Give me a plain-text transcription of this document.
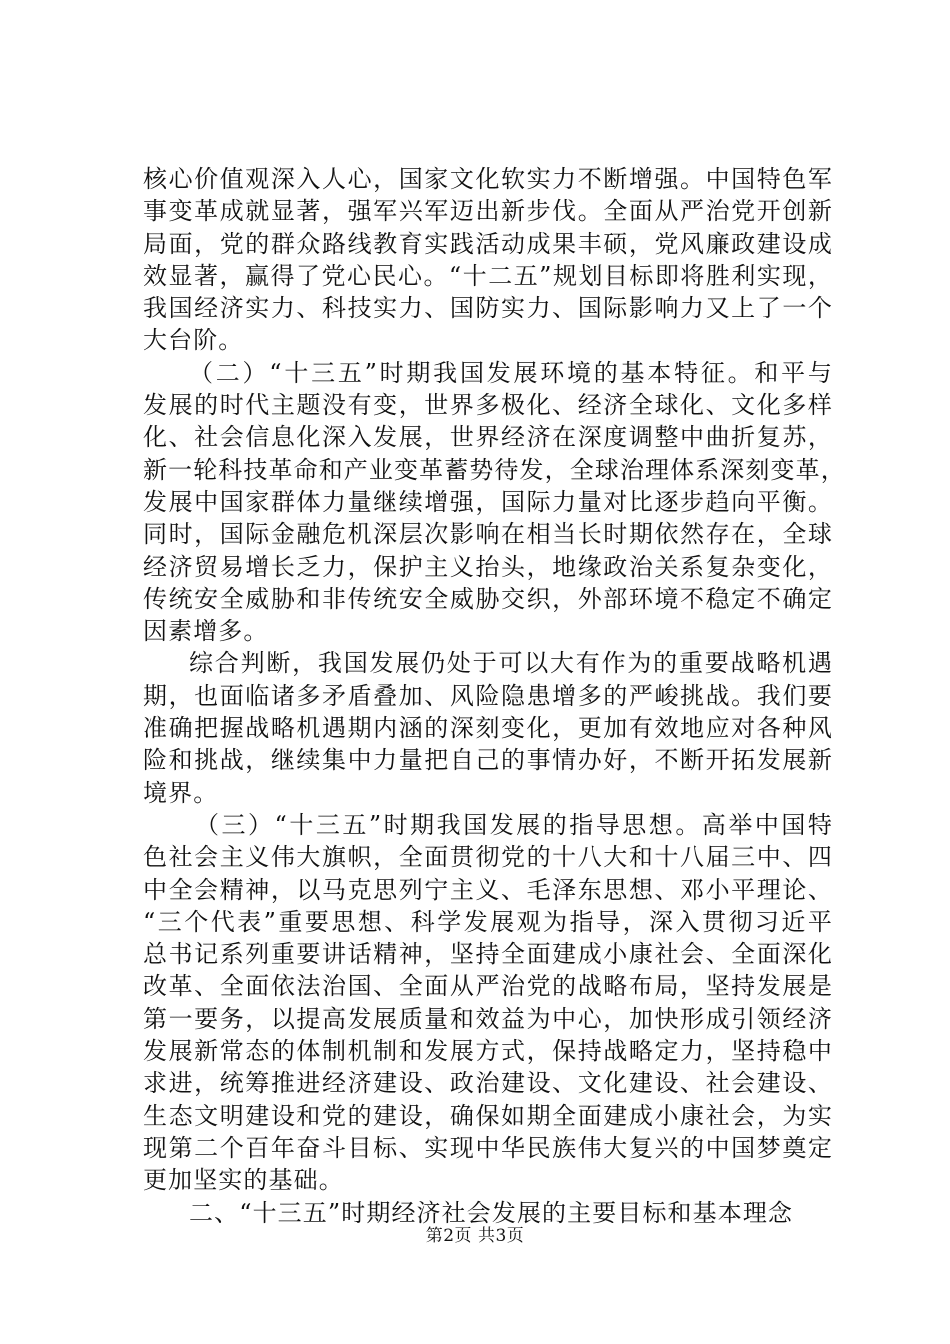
核心价值观深入人心，国家文化软实力不断增强。中国特色军
事变革成就显著，强军兴军迈出新步伐。全面从严治党开创新
局面，党的群众路线教育实践活动成果丰硕，党风廉政建设成
效显著，赢得了党心民心。“十二五”规划目标即将胜利实现，
我国经济实力、科技实力、国防实力、国际影响力又上了一个
大台阶。
（二）“十三五”时期我国发展环境的基本特征。和平与
发展的时代主题没有变，世界多极化、经济全球化、文化多样
化、社会信息化深入发展，世界经济在深度调整中曲折复苏，
新一轮科技革命和产业变革蓄势待发，全球治理体系深刻变革，
发展中国家群体力量继续增强，国际力量对比逐步趋向平衡。
同时，国际金融危机深层次影响在相当长时期依然存在，全球
经济贸易增长乏力，保护主义抬头，地缘政治关系复杂变化，
传统安全威胁和非传统安全威胁交织，外部环境不稳定不确定
因素增多。
综合判断，我国发展仍处于可以大有作为的重要战略机遇
期，也面临诸多矛盾叠加、风险隐患增多的严峻挑战。我们要
准确把握战略机遇期内涵的深刻变化，更加有效地应对各种风
险和挑战，继续集中力量把自己的事情办好，不断开拓发展新
境界。
（三）“十三五”时期我国发展的指导思想。高举中国特
色社会主义伟大旗帜，全面贯彻党的十八大和十八届三中、四
中全会精神，以马克思列宁主义、毛泽东思想、邓小平理论、
“三个代表”重要思想、科学发展观为指导，深入贯彻习近平
总书记系列重要讲话精神，坚持全面建成小康社会、全面深化
改革、全面依法治国、全面从严治党的战略布局，坚持发展是
第一要务，以提高发展质量和效益为中心，加快形成引领经济
发展新常态的体制机制和发展方式，保持战略定力，坚持稳中
求进，统筹推进经济建设、政治建设、文化建设、社会建设、
生态文明建设和党的建设，确保如期全面建成小康社会，为实
现第二个百年奋斗目标、实现中华民族伟大复兴的中国梦奠定
更加坚实的基础。
二、“十三五”时期经济社会发展的主要目标和基本理念
第2页 共3页
